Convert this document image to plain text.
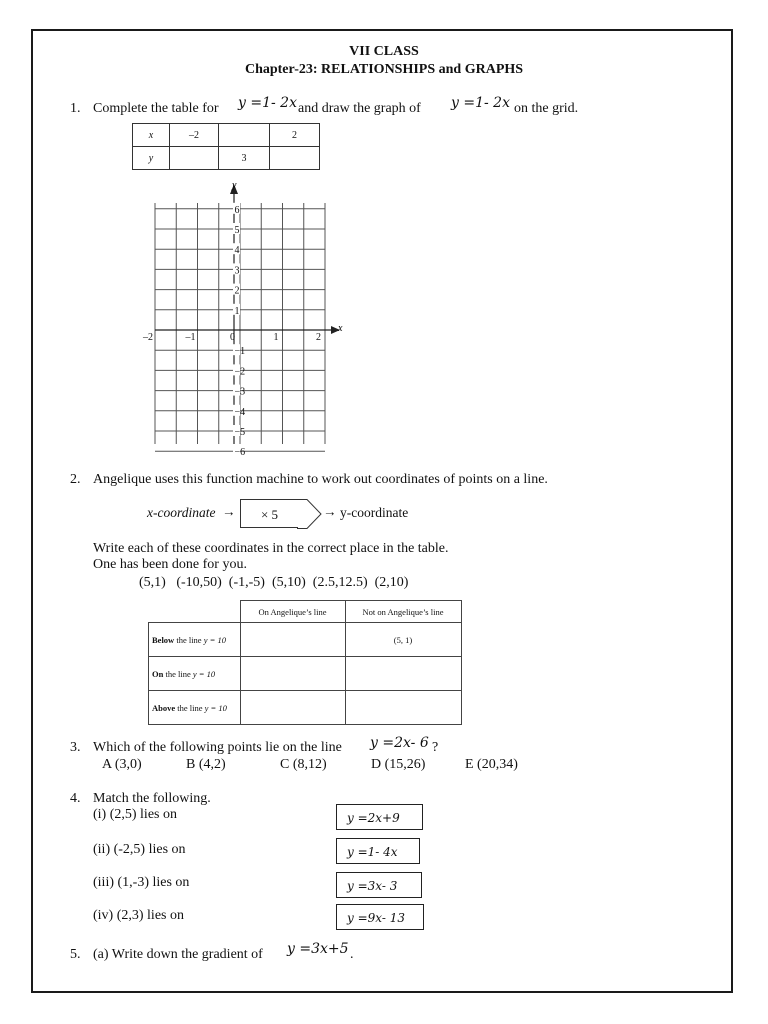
VII CLASS
Chapter-23: RELATIONSHIPS and GRAPHS
1. Complete the table for y =1- 2x and draw the graph of y =1- 2x on the grid.
x	–2		2
y		3	
6
5
4
3
2
1
−1
−2
−3
−4
−5
−6
–2	–1	0	1	2
y
x
2. Angelique uses this function machine to work out coordinates of points on a line.
x-coordinate →	× 5	→ y-coordinate
Write each of these coordinates in the correct place in the table.
One has been done for you.
(5,1)   (-10,50)  (-1,-5)  (5,10)  (2.5,12.5)  (2,10)
	On Angelique’s line	Not on Angelique’s line
Below the line y = 10		(5, 1)
On the line y = 10		
Above the line y = 10		
3. Which of the following points lie on the line y =2x- 6 ?
A (3,0)	B (4,2)	C (8,12)	D (15,26)	E (20,34)
4. Match the following.
(i) (2,5) lies on
(ii) (-2,5) lies on
(iii) (1,-3) lies on
(iv) (2,3) lies on
y =2x+9
y =1- 4x
y =3x- 3
y =9x- 13
5. (a) Write down the gradient of y =3x+5 .
